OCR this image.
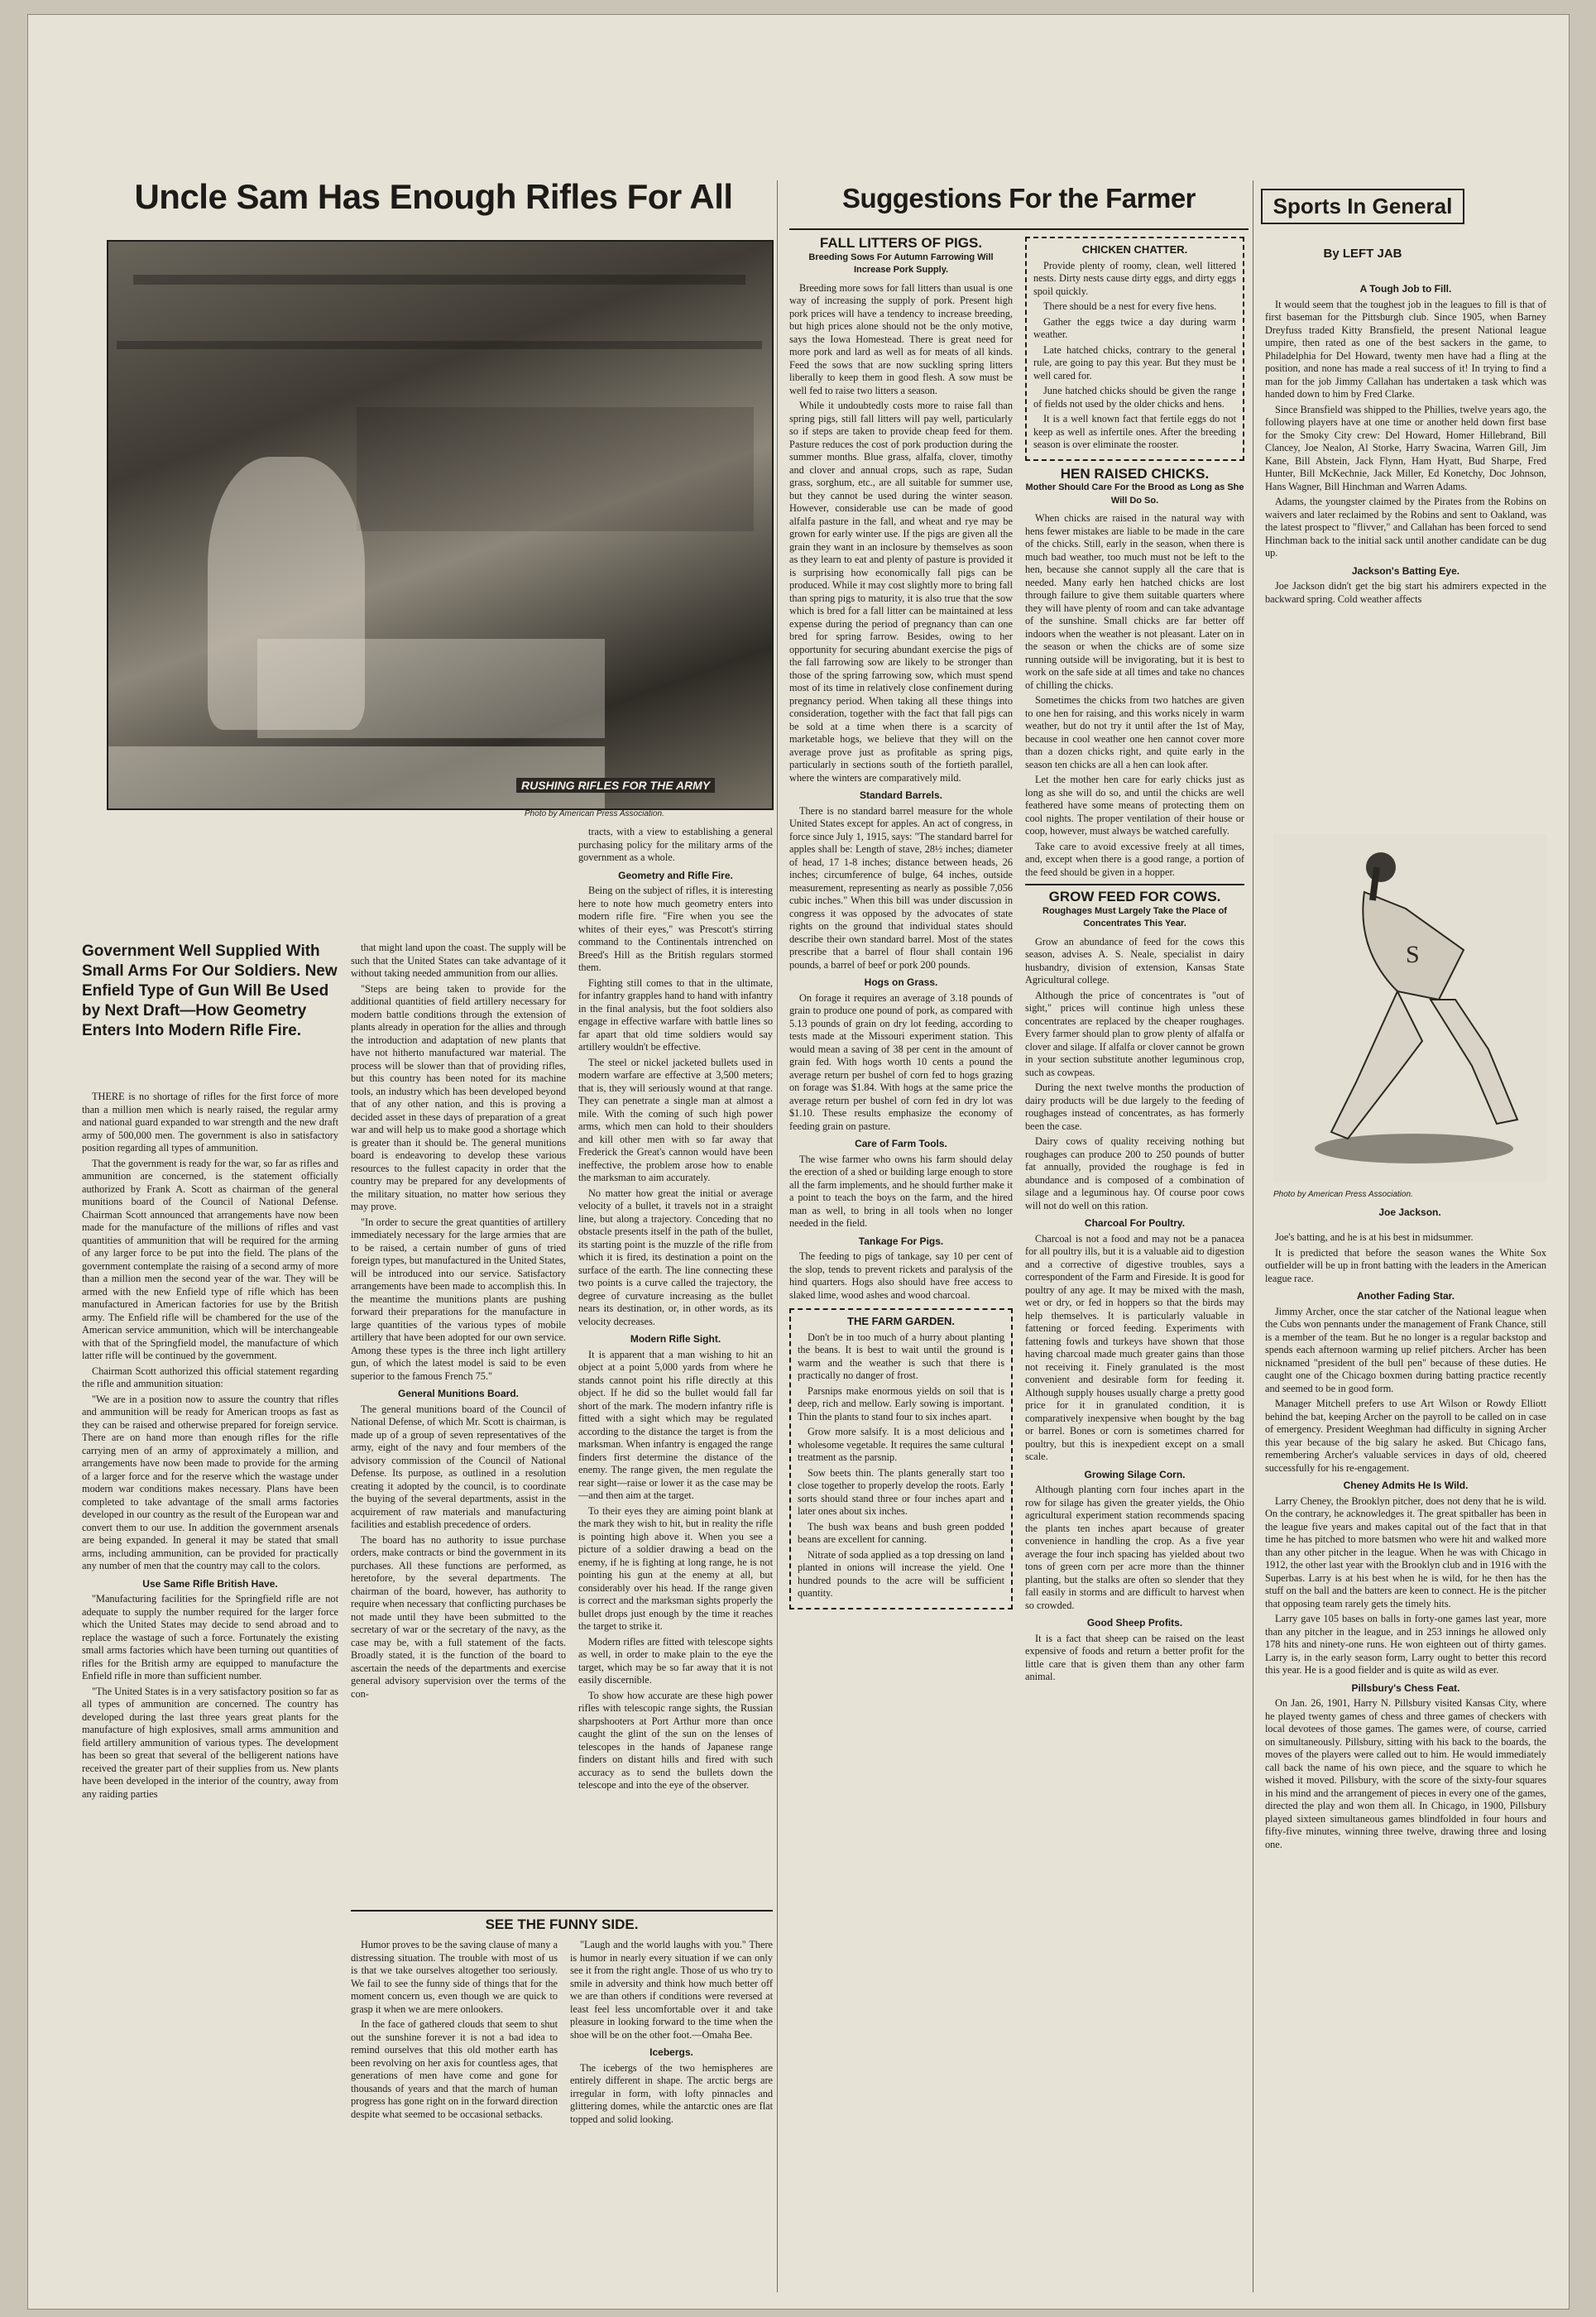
Uncle Sam Has Enough Rifles For All
RUSHING RIFLES FOR THE ARMY
Photo by American Press Association.
Government Well Supplied With Small Arms For Our Soldiers. New Enfield Type of Gun Will Be Used by Next Draft—How Geometry Enters Into Modern Rifle Fire.

THERE is no shortage of rifles for the first force of more than a million men which is nearly raised, the regular army and national guard expanded to war strength and the new draft army of 500,000 men. The government is also in satisfactory position regarding all types of ammunition.

That the government is ready for the war, so far as rifles and ammunition are concerned, is the statement officially authorized by Frank A. Scott as chairman of the general munitions board of the Council of National Defense. Chairman Scott announced that arrangements have now been made for the manufacture of the millions of rifles and vast quantities of ammunition that will be required for the arming of any larger force to be put into the field. The plans of the government contemplate the raising of a second army of more than a million men the second year of the war. They will be armed with the new Enfield type of rifle which has been manufactured in American factories for use by the British army. The Enfield rifle will be chambered for the use of the American service ammunition, which will be interchangeable with that of the Springfield model, the manufacture of which latter rifle will be continued by the government.

Chairman Scott authorized this official statement regarding the rifle and ammunition situation:

"We are in a position now to assure the country that rifles and ammunition will be ready for American troops as fast as they can be raised and otherwise prepared for foreign service. There are on hand more than enough rifles for the rifle carrying men of an army of approximately a million, and arrangements have now been made to provide for the arming of a larger force and for the reserve which the wastage under modern war conditions makes necessary. Plans have been completed to take advantage of the small arms factories developed in our country as the result of the European war and convert them to our use. In addition the government arsenals are being expanded. In general it may be stated that small arms, including ammunition, can be provided for practically any number of men that the country may call to the colors.

Use Same Rifle British Have.

"Manufacturing facilities for the Springfield rifle are not adequate to supply the number required for the larger force which the United States may decide to send abroad and to replace the wastage of such a force. Fortunately the existing small arms factories which have been turning out quantities of rifles for the British army are equipped to manufacture the Enfield rifle in more than sufficient number.

"The United States is in a very satisfactory position so far as all types of ammunition are concerned. The country has developed during the last three years great plants for the manufacture of high explosives, small arms ammunition and field artillery ammunition of various types. The development has been so great that several of the belligerent nations have received the greater part of their supplies from us. New plants have been developed in the interior of the country, away from any raiding parties

that might land upon the coast. The supply will be such that the United States can take advantage of it without taking needed ammunition from our allies.

"Steps are being taken to provide for the additional quantities of field artillery necessary for modern battle conditions through the extension of plants already in operation for the allies and through the introduction and adaptation of new plants that have not hitherto manufactured war material. The process will be slower than that of providing rifles, but this country has been noted for its machine tools, an industry which has been developed beyond that of any other nation, and this is proving a decided asset in these days of preparation of a great war and will help us to make good a shortage which is greater than it should be. The general munitions board is endeavoring to develop these various resources to the fullest capacity in order that the country may be prepared for any developments of the military situation, no matter how serious they may prove.

"In order to secure the great quantities of artillery immediately necessary for the large armies that are to be raised, a certain number of guns of tried foreign types, but manufactured in the United States, will be introduced into our service. Satisfactory arrangements have been made to accomplish this. In the meantime the munitions plants are pushing forward their preparations for the manufacture in large quantities of the various types of mobile artillery that have been adopted for our own service. Among these types is the three inch light artillery gun, of which the latest model is said to be even superior to the famous French 75."

General Munitions Board.

The general munitions board of the Council of National Defense, of which Mr. Scott is chairman, is made up of a group of seven representatives of the army, eight of the navy and four members of the advisory commission of the Council of National Defense. Its purpose, as outlined in a resolution creating it adopted by the council, is to coordinate the buying of the several departments, assist in the acquirement of raw materials and manufacturing facilities and establish precedence of orders.

The board has no authority to issue purchase orders, make contracts or bind the government in its purchases. All these functions are performed, as heretofore, by the several departments. The chairman of the board, however, has authority to require when necessary that conflicting purchases be not made until they have been submitted to the secretary of war or the secretary of the navy, as the case may be, with a full statement of the facts. Broadly stated, it is the function of the board to ascertain the needs of the departments and exercise general advisory supervision over the terms of the con-

tracts, with a view to establishing a general purchasing policy for the military arms of the government as a whole.

Geometry and Rifle Fire.

Being on the subject of rifles, it is interesting here to note how much geometry enters into modern rifle fire. "Fire when you see the whites of their eyes," was Prescott's stirring command to the Continentals intrenched on Breed's Hill as the British regulars stormed them.

Fighting still comes to that in the ultimate, for infantry grapples hand to hand with infantry in the final analysis, but the foot soldiers also engage in effective warfare with battle lines so far apart that old time soldiers would say artillery wouldn't be effective.

The steel or nickel jacketed bullets used in modern warfare are effective at 3,500 meters; that is, they will seriously wound at that range. They can penetrate a single man at almost a mile. With the coming of such high power arms, which men can hold to their shoulders and kill other men with so far away that Frederick the Great's cannon would have been ineffective, the problem arose how to enable the marksman to aim accurately.

No matter how great the initial or average velocity of a bullet, it travels not in a straight line, but along a trajectory. Conceding that no obstacle presents itself in the path of the bullet, its starting point is the muzzle of the rifle from which it is fired, its destination a point on the surface of the earth. The line connecting these two points is a curve called the trajectory, the degree of curvature increasing as the bullet nears its destination, or, in other words, as its velocity decreases.

Modern Rifle Sight.

It is apparent that a man wishing to hit an object at a point 5,000 yards from where he stands cannot point his rifle directly at this object. If he did so the bullet would fall far short of the mark. The modern infantry rifle is fitted with a sight which may be regulated according to the distance the target is from the marksman. When infantry is engaged the range finders first determine the distance of the enemy. The range given, the men regulate the rear sight—raise or lower it as the case may be—and then aim at the target.

To their eyes they are aiming point blank at the mark they wish to hit, but in reality the rifle is pointing high above it. When you see a picture of a soldier drawing a bead on the enemy, if he is fighting at long range, he is not pointing his gun at the enemy at all, but considerably over his head. If the range given is correct and the marksman sights properly the bullet drops just enough by the time it reaches the target to strike it.

Modern rifles are fitted with telescope sights as well, in order to make plain to the eye the target, which may be so far away that it is not easily discernible.

To show how accurate are these high power rifles with telescopic range sights, the Russian sharpshooters at Port Arthur more than once caught the glint of the sun on the lenses of telescopes in the hands of Japanese range finders on distant hills and fired with such accuracy as to send the bullets down the telescope and into the eye of the observer.

SEE THE FUNNY SIDE.

Humor proves to be the saving clause of many a distressing situation. The trouble with most of us is that we take ourselves altogether too seriously. We fail to see the funny side of things that for the moment concern us, even though we are quick to grasp it when we are mere onlookers.

In the face of gathered clouds that seem to shut out the sunshine forever it is not a bad idea to remind ourselves that this old mother earth has been revolving on her axis for countless ages, that generations of men have come and gone for thousands of years and that the march of human progress has gone right on in the forward direction despite what seemed to be occasional setbacks.

"Laugh and the world laughs with you." There is humor in nearly every situation if we can only see it from the right angle. Those of us who try to smile in adversity and think how much better off we are than others if conditions were reversed at least feel less uncomfortable over it and take pleasure in looking forward to the time when the shoe will be on the other foot.—Omaha Bee.

Icebergs.

The icebergs of the two hemispheres are entirely different in shape. The arctic bergs are irregular in form, with lofty pinnacles and glittering domes, while the antarctic ones are flat topped and solid looking.

Suggestions For the Farmer
FALL LITTERS OF PIGS.
Breeding Sows For Autumn Farrowing Will Increase Pork Supply.

Breeding more sows for fall litters than usual is one way of increasing the supply of pork. Present high pork prices will have a tendency to increase breeding, but high prices alone should not be the only motive, says the Iowa Homestead. There is great need for more pork and lard as well as for meats of all kinds. Feed the sows that are now suckling spring litters liberally to keep them in good flesh. A sow must be well fed to raise two litters a season.

While it undoubtedly costs more to raise fall than spring pigs, still fall litters will pay well, particularly so if steps are taken to provide cheap feed for them. Pasture reduces the cost of pork production during the summer months. Blue grass, alfalfa, clover, timothy and clover and annual crops, such as rape, Sudan grass, sorghum, etc., are all suitable for summer use, but they cannot be used during the winter season. However, considerable use can be made of good alfalfa pasture in the fall, and wheat and rye may be grown for early winter use. If the pigs are given all the grain they want in an inclosure by themselves as soon as they learn to eat and plenty of pasture is provided it is surprising how economically fall pigs can be produced. While it may cost slightly more to bring fall than spring pigs to maturity, it is also true that the sow which is bred for a fall litter can be maintained at less expense during the period of pregnancy than can one bred for spring farrow. Besides, owing to her opportunity for securing abundant exercise the pigs of the fall farrowing sow are likely to be stronger than those of the spring farrowing sow, which must spend most of its time in relatively close confinement during pregnancy period. When taking all these things into consideration, together with the fact that fall pigs can be sold at a time when there is a scarcity of marketable hogs, we believe that they will on the average prove just as profitable as spring pigs, particularly in sections south of the fortieth parallel, where the winters are comparatively mild.

Standard Barrels.

There is no standard barrel measure for the whole United States except for apples. An act of congress, in force since July 1, 1915, says: "The standard barrel for apples shall be: Length of stave, 28½ inches; diameter of head, 17 1-8 inches; distance between heads, 26 inches; circumference of bulge, 64 inches, outside measurement, representing as nearly as possible 7,056 cubic inches." When this bill was under discussion in congress it was opposed by the advocates of state rights on the ground that individual states should describe their own standard barrel. Most of the states prescribe that a barrel of flour shall contain 196 pounds, a barrel of beef or pork 200 pounds.

Hogs on Grass.

On forage it requires an average of 3.18 pounds of grain to produce one pound of pork, as compared with 5.13 pounds of grain on dry lot feeding, according to tests made at the Missouri experiment station. This would mean a saving of 38 per cent in the amount of grain fed. With hogs worth 10 cents a pound the average return per bushel of corn fed to hogs grazing on forage was $1.84. With hogs at the same price the average return per bushel of corn fed in dry lot was $1.10. These results emphasize the economy of feeding grain on pasture.

Care of Farm Tools.

The wise farmer who owns his farm should delay the erection of a shed or building large enough to store all the farm implements, and he should further make it a point to teach the boys on the farm, and the hired man as well, to bring in all tools when no longer needed in the field.

Tankage For Pigs.

The feeding to pigs of tankage, say 10 per cent of the slop, tends to prevent rickets and paralysis of the hind quarters. Hogs also should have free access to slaked lime, wood ashes and wood charcoal.

THE FARM GARDEN.

Don't be in too much of a hurry about planting the beans. It is best to wait until the ground is warm and the weather is such that there is practically no danger of frost.

Parsnips make enormous yields on soil that is deep, rich and mellow. Early sowing is important. Thin the plants to stand four to six inches apart.

Grow more salsify. It is a most delicious and wholesome vegetable. It requires the same cultural treatment as the parsnip.

Sow beets thin. The plants generally start too close together to properly develop the roots. Early sorts should stand three or four inches apart and later ones about six inches.

The bush wax beans and bush green podded beans are excellent for canning.

Nitrate of soda applied as a top dressing on land planted in onions will increase the yield. One hundred pounds to the acre will be sufficient quantity.

CHICKEN CHATTER.

Provide plenty of roomy, clean, well littered nests. Dirty nests cause dirty eggs, and dirty eggs spoil quickly.

There should be a nest for every five hens.

Gather the eggs twice a day during warm weather.

Late hatched chicks, contrary to the general rule, are going to pay this year. But they must be well cared for.

June hatched chicks should be given the range of fields not used by the older chicks and hens.

It is a well known fact that fertile eggs do not keep as well as infertile ones. After the breeding season is over eliminate the rooster.

HEN RAISED CHICKS.
Mother Should Care For the Brood as Long as She Will Do So.

When chicks are raised in the natural way with hens fewer mistakes are liable to be made in the care of the chicks. Still, early in the season, when there is much bad weather, too much must not be left to the hen, because she cannot supply all the care that is needed. Many early hen hatched chicks are lost through failure to give them suitable quarters where they will have plenty of room and can take advantage of the sunshine. Small chicks are far better off indoors when the weather is not pleasant. Later on in the season or when the chicks are of some size running outside will be invigorating, but it is best to work on the safe side at all times and take no chances of chilling the chicks.

Sometimes the chicks from two hatches are given to one hen for raising, and this works nicely in warm weather, but do not try it until after the 1st of May, because in cool weather one hen cannot cover more than a dozen chicks right, and quite early in the season ten chicks are all a hen can look after.

Let the mother hen care for early chicks just as long as she will do so, and until the chicks are well feathered have some means of protecting them on cool nights. The proper ventilation of their house or coop, however, must always be watched carefully.

Take care to avoid excessive freely at all times, and, except when there is a good range, a portion of the feed should be given in a hopper.

GROW FEED FOR COWS.
Roughages Must Largely Take the Place of Concentrates This Year.

Grow an abundance of feed for the cows this season, advises A. S. Neale, specialist in dairy husbandry, division of extension, Kansas State Agricultural college.

Although the price of concentrates is "out of sight," prices will continue high unless these concentrates are replaced by the cheaper roughages. Every farmer should plan to grow plenty of alfalfa or clover and silage. If alfalfa or clover cannot be grown in your section substitute another leguminous crop, such as cowpeas.

During the next twelve months the production of dairy products will be due largely to the feeding of roughages instead of concentrates, as has formerly been the case.

Dairy cows of quality receiving nothing but roughages can produce 200 to 250 pounds of butter fat annually, provided the roughage is fed in abundance and is composed of a combination of silage and a leguminous hay. Of course poor cows will not do well on this ration.

Charcoal For Poultry.

Charcoal is not a food and may not be a panacea for all poultry ills, but it is a valuable aid to digestion and a corrective of digestive troubles, says a correspondent of the Farm and Fireside. It is good for poultry of any age. It may be mixed with the mash, wet or dry, or fed in hoppers so that the birds may help themselves. It is particularly valuable in fattening or forced feeding. Experiments with fattening fowls and turkeys have shown that those having charcoal made much greater gains than those not receiving it. Finely granulated is the most convenient and desirable form for feeding it. Although supply houses usually charge a pretty good price for it in granulated condition, it is comparatively inexpensive when bought by the bag or barrel. Bones or corn is sometimes charred for poultry, but this is inexpedient except on a small scale.

Growing Silage Corn.

Although planting corn four inches apart in the row for silage has given the greater yields, the Ohio agricultural experiment station recommends spacing the plants ten inches apart because of greater convenience in handling the crop. As a five year average the four inch spacing has yielded about two tons of green corn per acre more than the thinner planting, but the stalks are often so slender that they fall easily in storms and are difficult to harvest when so crowded.

Good Sheep Profits.

It is a fact that sheep can be raised on the least expensive of foods and return a better profit for the little care that is given them than any other farm animal.

Sports In General
By LEFT JAB
A Tough Job to Fill.

It would seem that the toughest job in the leagues to fill is that of first baseman for the Pittsburgh club. Since 1905, when Barney Dreyfuss traded Kitty Bransfield, the present National league umpire, then rated as one of the best sackers in the game, to Philadelphia for Del Howard, twenty men have had a fling at the position, and none has made a real success of it! In trying to find a man for the job Jimmy Callahan has undertaken a task which was handed down to him by Fred Clarke.

Since Bransfield was shipped to the Phillies, twelve years ago, the following players have at one time or another held down first base for the Smoky City crew: Del Howard, Homer Hillebrand, Bill Clancey, Joe Nealon, Al Storke, Harry Swacina, Warren Gill, Jim Kane, Bill Abstein, Jack Flynn, Ham Hyatt, Bud Sharpe, Fred Hunter, Bill McKechnie, Jack Miller, Ed Konetchy, Doc Johnson, Hans Wagner, Bill Hinchman and Warren Adams.

Adams, the youngster claimed by the Pirates from the Robins on waivers and later reclaimed by the Robins and sent to Oakland, was the latest prospect to "flivver," and Callahan has been forced to send Hinchman back to the initial sack until another candidate can be dug up.

Jackson's Batting Eye.

Joe Jackson didn't get the big start his admirers expected in the backward spring. Cold weather affects

S
Photo by American Press Association.
Joe Jackson.

Joe's batting, and he is at his best in midsummer.

It is predicted that before the season wanes the White Sox outfielder will be up in front batting with the leaders in the American league race.

Another Fading Star.

Jimmy Archer, once the star catcher of the National league when the Cubs won pennants under the management of Frank Chance, still is a member of the team. But he no longer is a regular backstop and spends each afternoon warming up relief pitchers. Archer has been nicknamed "president of the bull pen" because of these duties. He caught one of the Chicago boxmen during batting practice recently and seemed to be in good form.

Manager Mitchell prefers to use Art Wilson or Rowdy Elliott behind the bat, keeping Archer on the payroll to be called on in case of emergency. President Weeghman had difficulty in signing Archer this year because of the big salary he asked. But Chicago fans, remembering Archer's valuable services in days of old, cheered successfully for his re-engagement.

Cheney Admits He Is Wild.

Larry Cheney, the Brooklyn pitcher, does not deny that he is wild. On the contrary, he acknowledges it. The great spitballer has been in the league five years and makes capital out of the fact that in that time he has pitched to more batsmen who were hit and walked more than any other pitcher in the league. When he was with Chicago in 1912, the other last year with the Brooklyn club and in 1916 with the Superbas. Larry is at his best when he is wild, for he then has the stuff on the ball and the batters are keen to connect. He is the pitcher that opposing team rarely gets the timely hits.

Larry gave 105 bases on balls in forty-one games last year, more than any pitcher in the league, and in 253 innings he allowed only 178 hits and ninety-one runs. He won eighteen out of thirty games. Larry is, in the early season form, Larry ought to better this record this year. He is a good fielder and is quite as wild as ever.

Pillsbury's Chess Feat.

On Jan. 26, 1901, Harry N. Pillsbury visited Kansas City, where he played twenty games of chess and three games of checkers with local devotees of those games. The games were, of course, carried on simultaneously. Pillsbury, sitting with his back to the boards, the moves of the players were called out to him. He would immediately call back the name of his own piece, and the square to which he wished it moved. Pillsbury, with the score of the sixty-four squares in his mind and the arrangement of pieces in every one of the games, directed the play and won them all. In Chicago, in 1900, Pillsbury played sixteen simultaneous games blindfolded in four hours and fifty-five minutes, winning three twelve, drawing three and losing one.
